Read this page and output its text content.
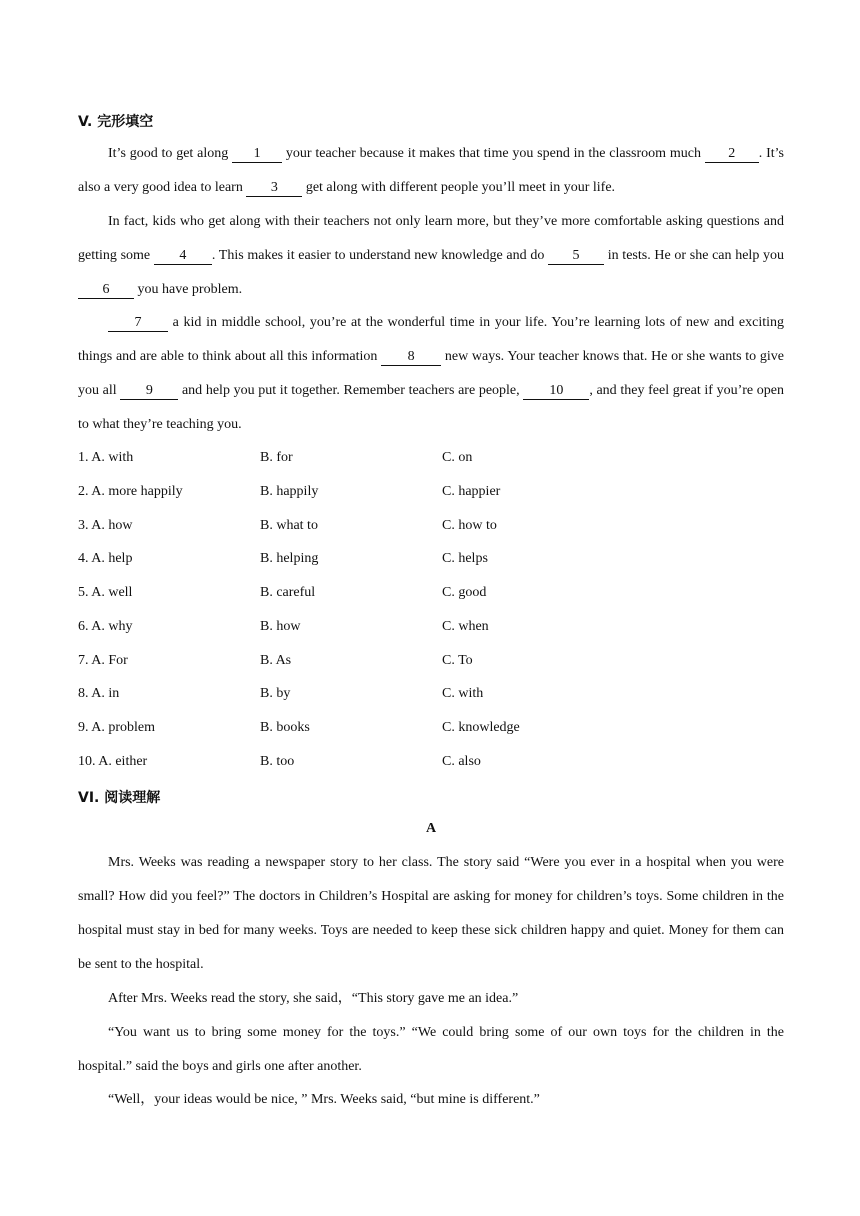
V. 完形填空
It’s good to get along 1 your teacher because it makes that time you spend in the classroom much 2 . It’s also a very good idea to learn 3 get along with different people you’ll meet in your life.
In fact, kids who get along with their teachers not only learn more, but they’ve more comfortable asking questions and getting some 4 . This makes it easier to understand new knowledge and do 5 in tests. He or she can help you 6 you have problem.
7 a kid in middle school, you’re at the wonderful time in your life. You’re learning lots of new and exciting things and are able to think about all this information 8 new ways. Your teacher knows that. He or she wants to give you all 9 and help you put it together. Remember teachers are people, 10 , and they feel great if you’re open to what they’re teaching you.
1. A. with	B. for	C. on
2. A. more happily	B. happily	C. happier
3. A. how	B. what to	C. how to
4. A. help	B. helping	C. helps
5. A. well	B. careful	C. good
6. A. why	B. how	C. when
7. A. For	B. As	C. To
8. A. in	B. by	C. with
9. A. problem	B. books	C. knowledge
10. A. either	B. too	C. also
VI. 阅读理解
A
Mrs. Weeks was reading a newspaper story to her class. The story said “Were you ever in a hospital when you were small? How did you feel?” The doctors in Children’s Hospital are asking for money for children’s toys. Some children in the hospital must stay in bed for many weeks. Toys are needed to keep these sick children happy and quiet. Money for them can be sent to the hospital.
After Mrs. Weeks read the story, she said，“This story gave me an idea.”
“You want us to bring some money for the toys.” “We could bring some of our own toys for the children in the hospital.” said the boys and girls one after another.
“Well，your ideas would be nice, ” Mrs. Weeks said, “but mine is different.”
